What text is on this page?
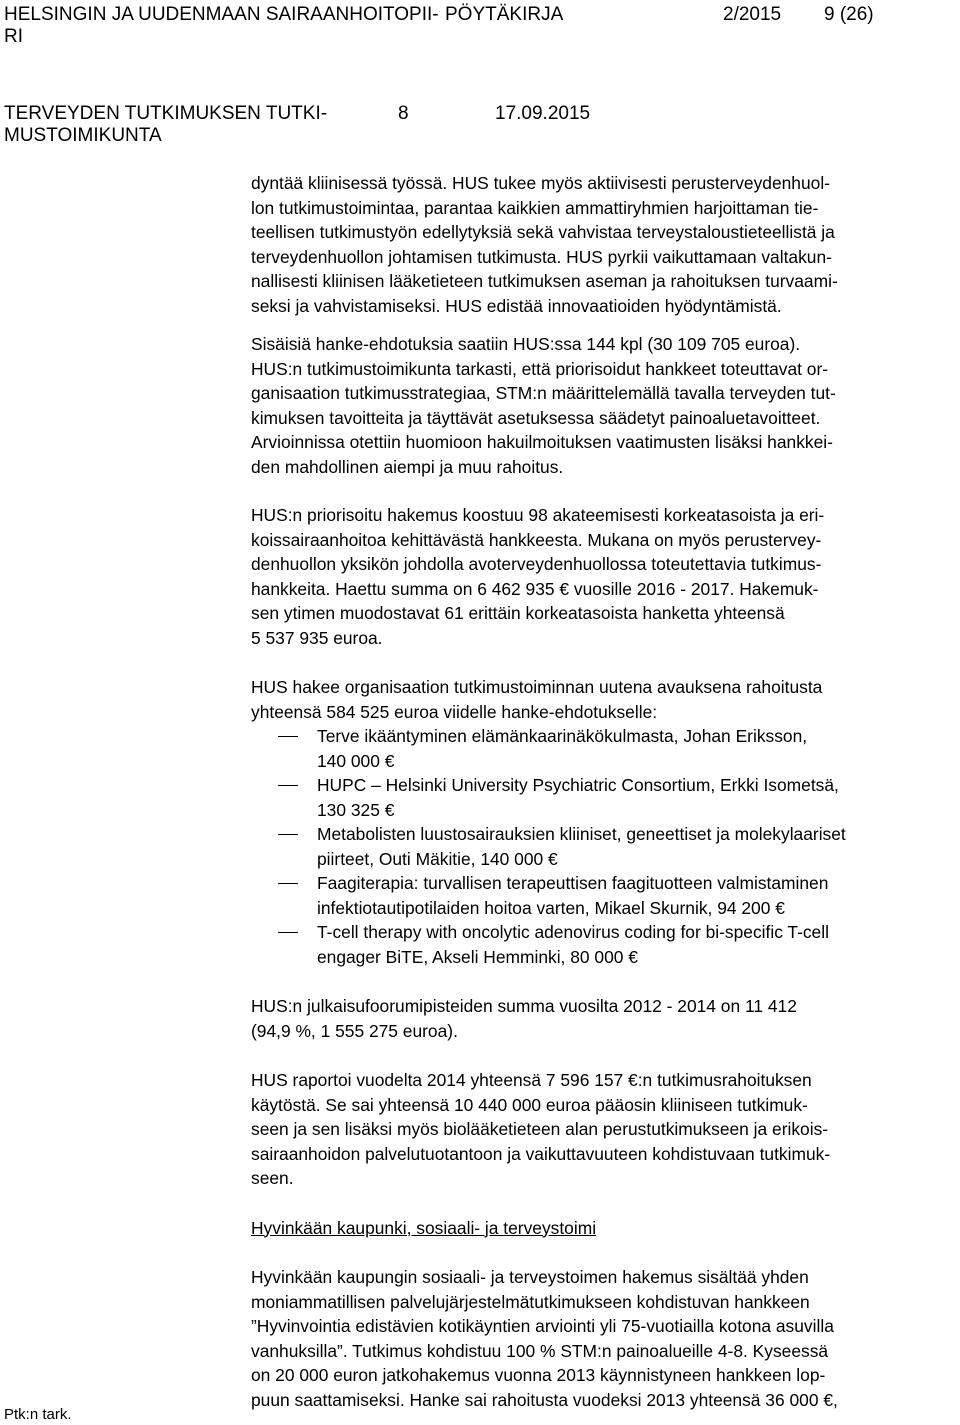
HELSINGIN JA UUDENMAAN SAIRAANHOITOPII-
RI
PÖYTÄKIRJA	2/2015 9 (26)
TERVEYDEN TUTKIMUKSEN TUTKI-
MUSTOIMIKUNTA
8	17.09.2015
dyntää kliinisessä työssä. HUS tukee myös aktiivisesti perusterveydenhuol-
lon tutkimustoimintaa, parantaa kaikkien ammattiryhmien harjoittaman tie-
teellisen tutkimustyön edellytyksiä sekä vahvistaa terveystaloustieteellistä ja
terveydenhuollon johtamisen tutkimusta. HUS pyrkii vaikuttamaan valtakun-
nallisesti kliinisen lääketieteen tutkimuksen aseman ja rahoituksen turvaami-
seksi ja vahvistamiseksi. HUS edistää innovaatioiden hyödyntämistä.
Sisäisiä hanke-ehdotuksia saatiin HUS:ssa 144 kpl (30 109 705 euroa).
HUS:n tutkimustoimikunta tarkasti, että priorisoidut hankkeet toteuttavat or-
ganisaation tutkimusstrategiaa, STM:n määrittelemällä tavalla terveyden tut-
kimuksen tavoitteita ja täyttävät asetuksessa säädetyt painoaluetavoitteet.
Arvioinnissa otettiin huomioon hakuilmoituksen vaatimusten lisäksi hankkei-
den mahdollinen aiempi ja muu rahoitus.
HUS:n priorisoitu hakemus koostuu 98 akateemisesti korkeatasoista ja eri-
koissairaanhoitoa kehittävästä hankkeesta. Mukana on myös perustervey-
denhuollon yksikön johdolla avoterveydenhuollossa toteutettavia tutkimus-
hankkeita. Haettu summa on 6 462 935 € vuosille 2016 - 2017. Hakemuk-
sen ytimen muodostavat 61 erittäin korkeatasoista hanketta yhteensä
5 537 935 euroa.
HUS hakee organisaation tutkimustoiminnan uutena avauksena rahoitusta
yhteensä 584 525 euroa viidelle hanke-ehdotukselle:
Terve ikääntyminen elämänkaarinäkökulmasta, Johan Eriksson,
140 000 €
HUPC – Helsinki University Psychiatric Consortium, Erkki Isometsä,
130 325 €
Metabolisten luustosairauksien kliiniset, geneettiset ja molekylaariset
piirteet, Outi Mäkitie, 140 000 €
Faagiterapia: turvallisen terapeuttisen faagituotteen valmistaminen
infektiotautipotilaiden hoitoa varten, Mikael Skurnik, 94 200 €
T-cell therapy with oncolytic adenovirus coding for bi-specific T-cell
engager BiTE, Akseli Hemminki, 80 000 €
HUS:n julkaisufoorumipisteiden summa vuosilta 2012 - 2014 on 11 412
(94,9 %, 1 555 275 euroa).
HUS raportoi vuodelta 2014 yhteensä 7 596 157 €:n tutkimusrahoituksen
käytöstä. Se sai yhteensä 10 440 000 euroa pääosin kliiniseen tutkimuk-
seen ja sen lisäksi myös biolääketieteen alan perustutkimukseen ja erikois-
sairaanhoidon palvelutuotantoon ja vaikuttavuuteen kohdistuvaan tutkimuk-
seen.
Hyvinkään kaupunki, sosiaali- ja terveystoimi
Hyvinkään kaupungin sosiaali- ja terveystoimen hakemus sisältää yhden
moniammatillisen palvelujärjestelmätutkimukseen kohdistuvan hankkeen
”Hyvinvointia edistävien kotikäyntien arviointi yli 75-vuotiailla kotona asuvilla
vanhuksilla”. Tutkimus kohdistuu 100 % STM:n painoalueille 4-8. Kyseessä
on 20 000 euron jatkohakemus vuonna 2013 käynnistyneen hankkeen lop-
puun saattamiseksi. Hanke sai rahoitusta vuodeksi 2013 yhteensä 36 000 €,
Ptk:n tark.
